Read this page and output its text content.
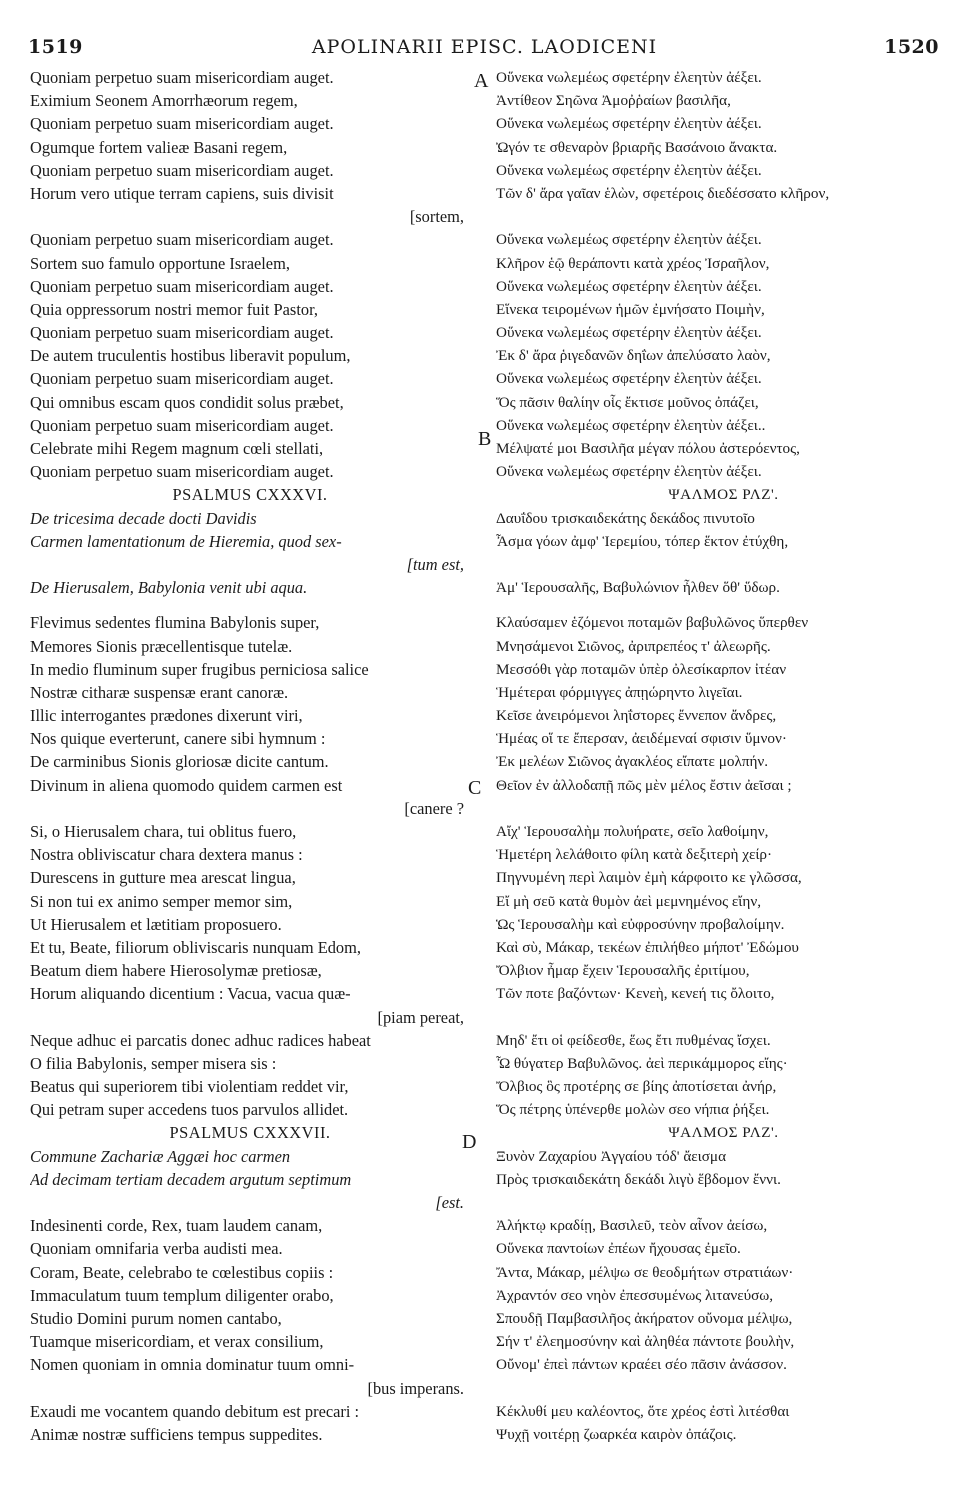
1519	APOLINARII EPISC. LAODICENI	1520
Quoniam perpetuo suam misericordiam auget.
Eximium Seonem Amorrhæorum regem,
Quoniam perpetuo suam misericordiam auget.
Ogumque fortem valieæ Basani regem,
Quoniam perpetuo suam misericordiam auget.
Horum vero utique terram capiens, suis divisit
[sortem,
Quoniam perpetuo suam misericordiam auget.
Sortem suo famulo opportune Israelem,
Quoniam perpetuo suam misericordiam auget.
Quia oppressorum nostri memor fuit Pastor,
Quoniam perpetuo suam misericordiam auget.
De autem truculentis hostibus liberavit populum,
Quoniam perpetuo suam misericordiam auget.
Qui omnibus escam quos condidit solus præbet,
Quoniam perpetuo suam misericordiam auget.
Celebrate mihi Regem magnum cœli stellati,
Quoniam perpetuo suam misericordiam auget.
PSALMUS CXXXVI.
De tricesima decade docti Davidis
Carmen lamentationum de Hieremia, quod sex-
[tum est,
De Hierusalem, Babylonia venit ubi aqua.
Flevimus sedentes flumina Babylonis super,
Memores Sionis præcellentisque tutelæ.
In medio fluminum super frugibus perniciosa salice
Nostræ citharæ suspensæ erant canoræ.
Illic interrogantes prædones dixerunt viri,
Nos quique everterunt, canere sibi hymnum :
De carminibus Sionis gloriosæ dicite cantum.
Divinum in aliena quomodo quidem carmen est
[canere ?
Si, o Hierusalem chara, tui oblitus fuero,
Nostra obliviscatur chara dextera manus :
Durescens in gutture mea arescat lingua,
Si non tui ex animo semper memor sim,
Ut Hierusalem et lætitiam proposuero.
Et tu, Beate, filiorum obliviscaris nunquam Edom,
Beatum diem habere Hierosolymæ pretiosæ,
Horum aliquando dicentium : Vacua, vacua quæ-
[piam pereat,
Neque adhuc ei parcatis donec adhuc radices habeat
O filia Babylonis, semper misera sis :
Beatus qui superiorem tibi violentiam reddet vir,
Qui petram super accedens tuos parvulos allidet.
PSALMUS CXXXVII.
Commune Zachariæ Aggæi hoc carmen
Ad decimam tertiam decadem argutum septimum
[est.
Indesinenti corde, Rex, tuam laudem canam,
Quoniam omnifaria verba audisti mea.
Coram, Beate, celebrabo te cœlestibus copiis :
Immaculatum tuum templum diligenter orabo,
Studio Domini purum nomen cantabo,
Tuamque misericordiam, et verax consilium,
Nomen quoniam in omnia dominatur tuum omni-
[bus imperans.
Exaudi me vocantem quando debitum est precari :
Animæ nostræ sufficiens tempus suppedites.
Οὕνεκα νωλεμέως σφετέρην ἐλεητὺν ἀέξει.
Ἀντίθεον Σηῶνα Ἀμοῤῥαίων βασιλῆα,
Οὕνεκα νωλεμέως σφετέρην ἐλεητὺν ἀέξει.
Ὠγόν τε σθεναρὸν βριαρῆς Βασάνοιο ἄνακτα.
Οὕνεκα νωλεμέως σφετέρην ἐλεητὺν ἀέξει.
Τῶν δ' ἄρα γαῖαν ἑλὼν, σφετέροις διεδέσσατο κλῆρον,
Οὕνεκα νωλεμέως σφετέρην ἐλεητὺν ἀέξει.
Κλῆρον ἑῷ θεράποντι κατὰ χρέος Ἰσραῆλον,
Οὕνεκα νωλεμέως σφετέρην ἐλεητὺν ἀέξει.
Εἵνεκα τειρομένων ἡμῶν ἐμνήσατο Ποιμὴν,
Οὕνεκα νωλεμέως σφετέρην ἐλεητὺν ἀέξει.
Ἐκ δ' ἄρα ῥιγεδανῶν δηΐων ἀπελύσατο λαὸν,
Οὕνεκα νωλεμέως σφετέρην ἐλεητὺν ἀέξει.
Ὅς πᾶσιν θαλίην οἷς ἔκτισε μοῦνος ὀπάζει,
Οὕνεκα νωλεμέως σφετέρην ἐλεητὺν ἀέξει..
Μέλψατέ μοι Βασιλῆα μέγαν πόλου ἀστερόεντος,
Οὕνεκα νωλεμέως σφετέρην ἐλεητὺν ἀέξει.
ΨΑΛΜΟΣ ΡΛΖ'.
Δαυΐδου τρισκαιδεκάτης δεκάδος πινυτοῖο
Ἆσμα γόων ἀμφ' Ἱερεμίου, τόπερ ἕκτον ἐτύχθη,
Ἀμ' Ἱερουσαλῆς, Βαβυλώνιον ἦλθεν ὅθ' ὕδωρ.
Κλαύσαμεν ἑζόμενοι ποταμῶν βαβυλῶνος ὕπερθεν
Μνησάμενοι Σιῶνος, ἀριπρεπέος τ' ἀλεωρῆς.
Μεσσόθι γὰρ ποταμῶν ὑπὲρ ὀλεσίκαρπον ἰτέαν
Ἡμέτεραι φόρμιγγες ἀπῃώρηντο λιγεῖαι.
Κεῖσε ἀνειρόμενοι ληΐστορες ἔννεπον ἄνδρες,
Ἡμέας οἵ τε ἔπερσαν, ἀειδέμεναί σφισιν ὕμνον·
Ἐκ μελέων Σιῶνος ἀγακλέος εἴπατε μολπήν.
Θεῖον ἐν ἀλλοδαπῇ πῶς μὲν μέλος ἔστιν ἀεῖσαι ;
Αἴχ' Ἱερουσαλὴμ πολυήρατε, σεῖο λαθοίμην,
Ἡμετέρη λελάθοιτο φίλη κατὰ δεξιτερὴ χείρ·
Πηγνυμένη περὶ λαιμὸν ἐμὴ κάρφοιτο κε γλῶσσα,
Εἴ μὴ σεῦ κατὰ θυμὸν ἀεὶ μεμνημένος εἴην,
Ὡς Ἱερουσαλὴμ καὶ εὐφροσύνην προβαλοίμην.
Καὶ σὺ, Μάκαρ, τεκέων ἐπιλήθεο μήποτ' Ἐδώμου
Ὄλβιον ἦμαρ ἔχειν Ἱερουσαλῆς ἐριτίμου,
Τῶν ποτε βαζόντων· Κενεὴ, κενεή τις ὄλοιτο,
Μηδ' ἔτι οἱ φείδεσθε, ἕως ἔτι πυθμένας ἴσχει.
Ὦ θύγατερ Βαβυλῶνος. ἀεὶ περικάμμορος εἴης·
Ὄλβιος ὃς προτέρης σε βίης ἀποτίσεται ἀνήρ,
Ὅς πέτρης ὑπένερθε μολὼν σεο νήπια ῥήξει.
ΨΑΛΜΟΣ ΡΛΖ'.
Ξυνὸν Ζαχαρίου Ἀγγαίου τόδ' ἄεισμα
Πρὸς τρισκαιδεκάτη δεκάδι λιγὺ ἕβδομον ἔννι.
Ἀλήκτῳ κραδίῃ, Βασιλεῦ, τεὸν αἶνον ἀείσω,
Οὕνεκα παντοίων ἐπέων ἤχουσας ἐμεῖο.
Ἄντα, Μάκαρ, μέλψω σε θεοδμήτων στρατιάων·
Ἀχραντόν σεο νηὸν ἐπεσσυμένως λιτανεύσω,
Σπουδῇ Παμβασιλῆος ἀκήρατον οὔνομα μέλψω,
Σήν τ' ἐλεημοσύνην καὶ ἀληθέα πάντοτε βουλὴν,
Οὔνομ' ἐπεὶ πάντων κραέει σέο πᾶσιν ἀνάσσον.
Κέκλυθί μευ καλέοντος, ὅτε χρέος ἐστὶ λιτέσθαι
Ψυχῇ νοιτέρῃ ζωαρκέα καιρὸν ὀπάζοις.
A
B
C
D
